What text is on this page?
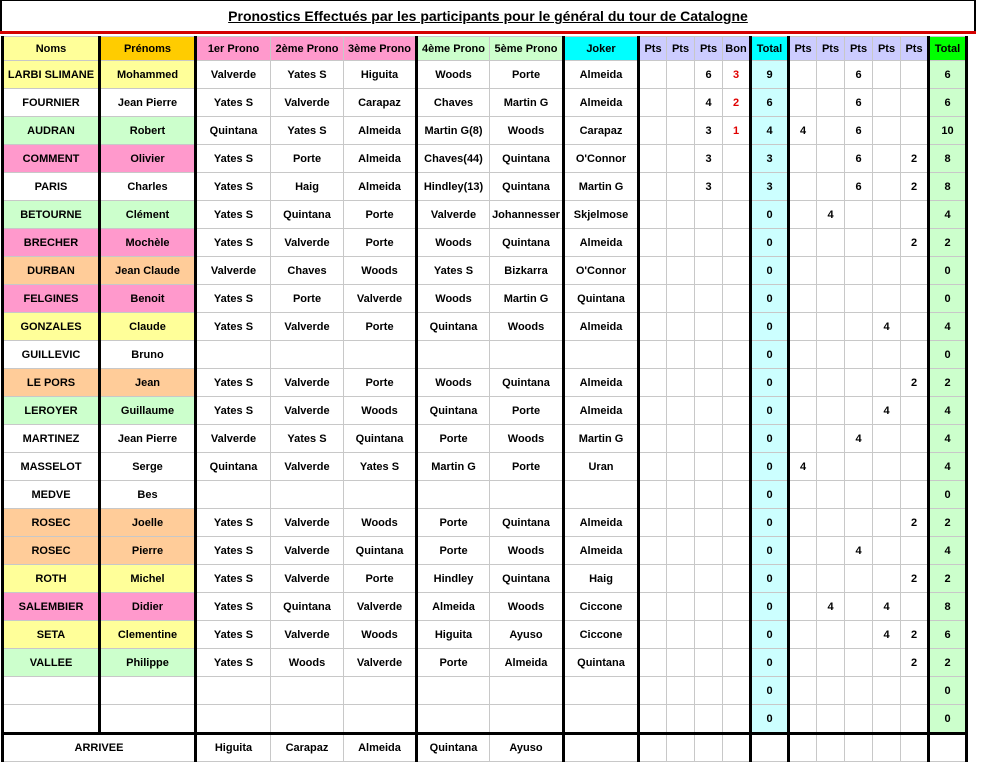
Pronostics Effectués par les participants pour le général du tour de Catalogne
Noms	Prénoms	1er Prono	2ème Prono	3ème Prono	4ème Prono	5ème Prono	Joker	Pts	Pts	Pts	Bon	Total	Pts	Pts	Pts	Pts	Pts	Total
LARBI SLIMANE	Mohammed	Valverde	Yates S	Higuita	Woods	Porte	Almeida			6	3	9			6			6
FOURNIER	Jean Pierre	Yates S	Valverde	Carapaz	Chaves	Martin G	Almeida			4	2	6			6			6
AUDRAN	Robert	Quintana	Yates S	Almeida	Martin G(8)	Woods	Carapaz			3	1	4	4		6			10
COMMENT	Olivier	Yates S	Porte	Almeida	Chaves(44)	Quintana	O'Connor			3		3			6		2	8
PARIS	Charles	Yates S	Haig	Almeida	Hindley(13)	Quintana	Martin G			3		3			6		2	8
BETOURNE	Clément	Yates S	Quintana	Porte	Valverde	Johannesser	Skjelmose					0		4				4
BRECHER	Mochèle	Yates S	Valverde	Porte	Woods	Quintana	Almeida					0					2	2
DURBAN	Jean Claude	Valverde	Chaves	Woods	Yates S	Bizkarra	O'Connor					0						0
FELGINES	Benoit	Yates S	Porte	Valverde	Woods	Martin G	Quintana					0						0
GONZALES	Claude	Yates S	Valverde	Porte	Quintana	Woods	Almeida					0				4		4
GUILLEVIC	Bruno											0						0
LE PORS	Jean	Yates S	Valverde	Porte	Woods	Quintana	Almeida					0					2	2
LEROYER	Guillaume	Yates S	Valverde	Woods	Quintana	Porte	Almeida					0				4		4
MARTINEZ	Jean Pierre	Valverde	Yates S	Quintana	Porte	Woods	Martin G					0			4			4
MASSELOT	Serge	Quintana	Valverde	Yates S	Martin G	Porte	Uran					0	4					4
MEDVE	Bes											0						0
ROSEC	Joelle	Yates S	Valverde	Woods	Porte	Quintana	Almeida					0					2	2
ROSEC	Pierre	Yates S	Valverde	Quintana	Porte	Woods	Almeida					0			4			4
ROTH	Michel	Yates S	Valverde	Porte	Hindley	Quintana	Haig					0					2	2
SALEMBIER	Didier	Yates S	Quintana	Valverde	Almeida	Woods	Ciccone					0		4		4		8
SETA	Clementine	Yates S	Valverde	Woods	Higuita	Ayuso	Ciccone					0				4	2	6
VALLEE	Philippe	Yates S	Woods	Valverde	Porte	Almeida	Quintana					0					2	2
												0						0
												0						0
ARRIVEE		Higuita	Carapaz	Almeida	Quintana	Ayuso												
